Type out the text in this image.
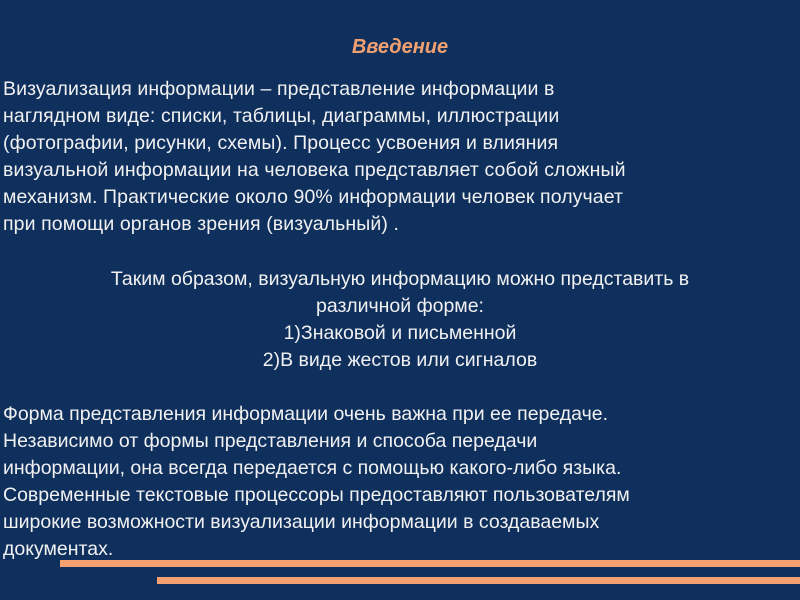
Введение
Визуализация информации – представление информации в
наглядном виде: списки, таблицы, диаграммы, иллюстрации
(фотографии, рисунки, схемы). Процесс усвоения и влияния
визуальной информации на человека представляет собой сложный
механизм. Практические около 90% информации человек получает
при помощи органов зрения (визуальный) .
Таким образом, визуальную информацию можно представить в
различной форме:
1)Знаковой и письменной
2)В виде жестов или сигналов
Форма представления информации очень важна при ее передаче.
Независимо от формы представления и способа передачи
информации, она всегда передается с помощью какого-либо языка.
Современные текстовые процессоры предоставляют пользователям
широкие возможности визуализации информации в создаваемых
документах.
